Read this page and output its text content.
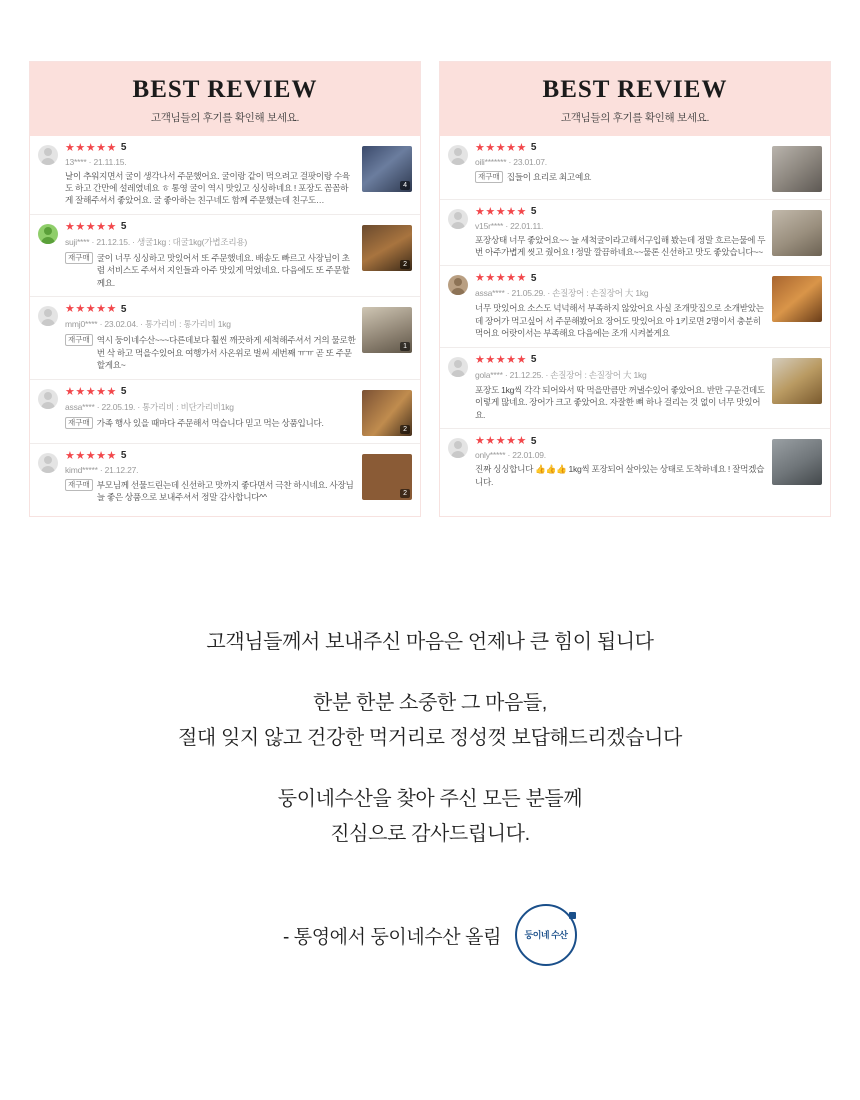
BEST REVIEW
고객님들의 후기를 확인해 보세요.
★★★★★ 5
13**** · 21.11.15.
날이 추워지면서 굴이 생각나서 주문했어요. 굴이랑 같이 먹으려고 걸팟이랑 수육도 하고 간만에 설레였네요 ㅎ 통영 굴이 역시 맛있고 싱싱하네요 ! 포장도 꼼꼼하게 잘해주셔서 좋았어요. 굴 좋아하는 친구네도 함께 주문했는데 친구도…
4
★★★★★ 5
suji**** · 21.12.15. · 생굴1kg : 대굴1kg(가볍조리용)
재구매 굴이 너무 싱싱하고 맛있어서 또 주문했네요. 배송도 빠르고 사장님이 초렴 서비스도 주셔서 지인들과 아주 맛있게 먹었네요. 다음에도 또 주문할께요.
2
★★★★★ 5
mmj0**** · 23.02.04. · 통가리비 : 통가리비 1kg
재구매 역시 둥이네수산~~~다른데보다 훨씬 깨끗하게 세척해주셔서 거의 물로한번 삭 하고 먹을수있어요 여행가서 사온위로 벌써 세번째 ㅠㅠ 곧 또 주문할게요~
1
★★★★★ 5
assa**** · 22.05.19. · 통가리비 : 비단가리비1kg
재구매 가족 행사 있을 때마다 주문해서 먹습니다 믿고 먹는 상품입니다.
2
★★★★★ 5
kimd***** · 21.12.27.
재구매 부모님께 선물드린는데 신선하고 맛까지 좋다면서 극찬 하시네요. 사장님 늘 좋은 상품으로 보내주셔서 정말 감사합니다^^	2
BEST REVIEW
고객님들의 후기를 확인해 보세요.
★★★★★ 5
oili******* · 23.01.07.
재구매 집들이 요리로 최고예요
★★★★★ 5
v15r**** · 22.01.11.
포장상태 너무 좋았어요~~ 늘 세척굴이라고해서구입해 봤는데 정말 흐르는물에 두번 아주가볍게 씻고 줬어요 ! 정말 깔끔하네요~~물론 신선하고 맛도 좋았습니다~~
★★★★★ 5
assa**** · 21.05.29. · 손질장어 : 손질장어 大 1kg
너무 맛있어요 소스도 넉넉해서 부족하지 않았어요 사실 조개맛집으로 소개받았는데 장어가 먹고싶어 서 주문해봤어요 장어도 맛있어요 아 1키로면 2명이서 충분히 먹어요 어랏이서는 부족해요 다음에는 조개 시켜볼게요
★★★★★ 5
gola**** · 21.12.25. · 손질장어 : 손질장어 大 1kg
포장도 1kg씩 각각 되어와서 딱 먹을만큼만 꺼낼수있어 좋았어요. 반만 구운건데도 이렇게 많네요. 장어가 크고 좋았어요. 자잘한 뼈 하나 걸리는 것 없이 너무 맛있어요.
★★★★★ 5
only***** · 22.01.09.
진짜 싱싱합니다 👍👍👍 1kg씩 포장되어 살아있는 상태로 도착하네요 ! 잘먹겠습니다.
고객님들께서 보내주신 마음은 언제나 큰 힘이 됩니다
한분 한분 소중한 그 마음들,
절대 잊지 않고 건강한 먹거리로 정성껏 보답해드리겠습니다
둥이네수산을 찾아 주신 모든 분들께
진심으로 감사드립니다.
- 통영에서 둥이네수산 올림	둥이네 수산
